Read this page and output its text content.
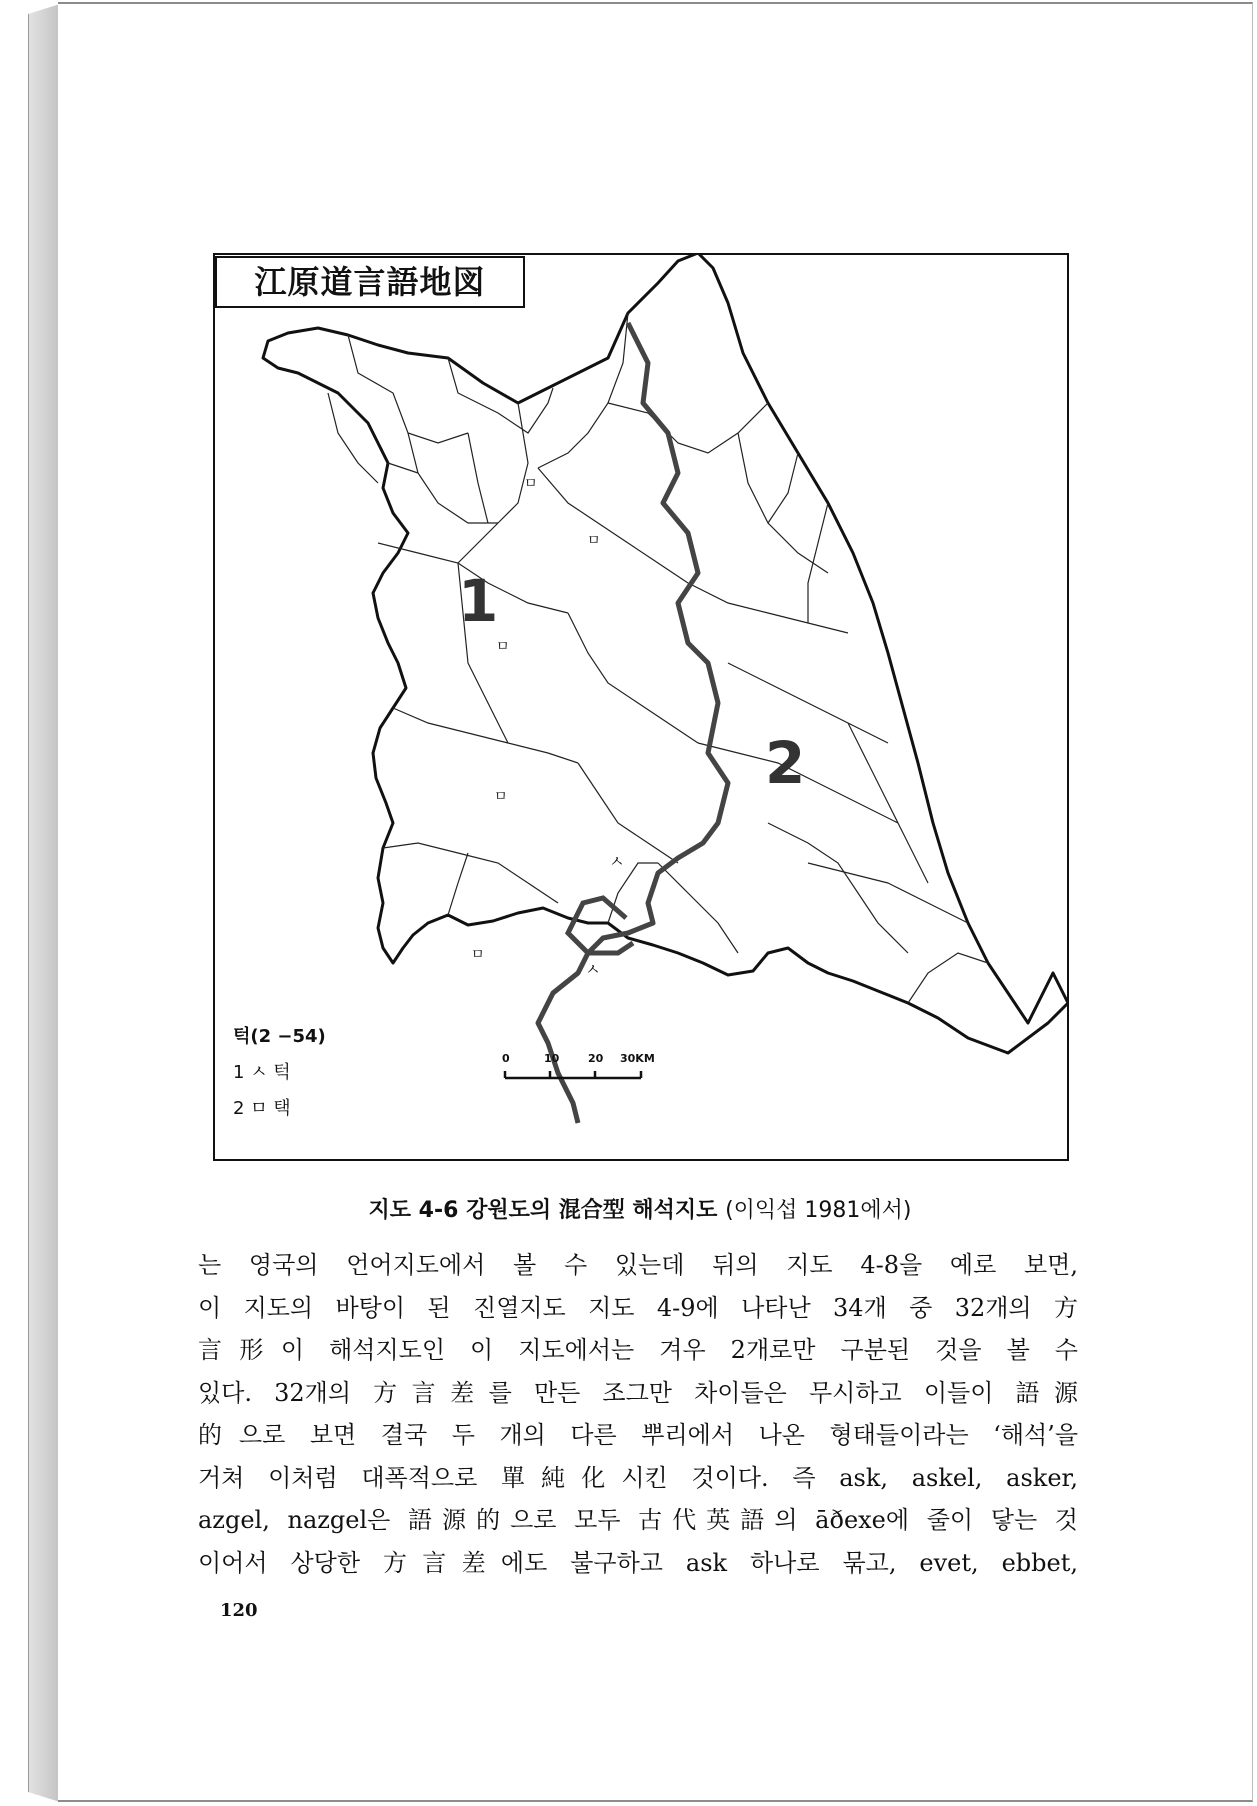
1
2
ㅁ
ㅁ
ㅁ
ㅁ
ㅁ
ㅅ
ㅅ
江原道言語地図
0	10	20 30KM
턱(2 −54)
1 ㅅ 턱
2 ㅁ 택
지도 4-6 강원도의 混合型 해석지도 (이익섭 1981에서)
는 영국의 언어지도에서 볼 수 있는데 뒤의 지도 4-8을 예로 보면,
이 지도의 바탕이 된 진열지도 지도 4-9에 나타난 34개 중 32개의 方
言形이 해석지도인 이 지도에서는 겨우 2개로만 구분된 것을 볼 수
있다. 32개의 方言差를 만든 조그만 차이들은 무시하고 이들이 語源
的으로 보면 결국 두 개의 다른 뿌리에서 나온 형태들이라는 ‘해석’을
거쳐 이처럼 대폭적으로 單純化시킨 것이다. 즉 ask, askel, asker,
azgel, nazgel은 語源的으로 모두 古代英語의 āðexe에 줄이 닿는 것
이어서 상당한 方言差에도 불구하고 ask 하나로 묶고, evet, ebbet,
120
